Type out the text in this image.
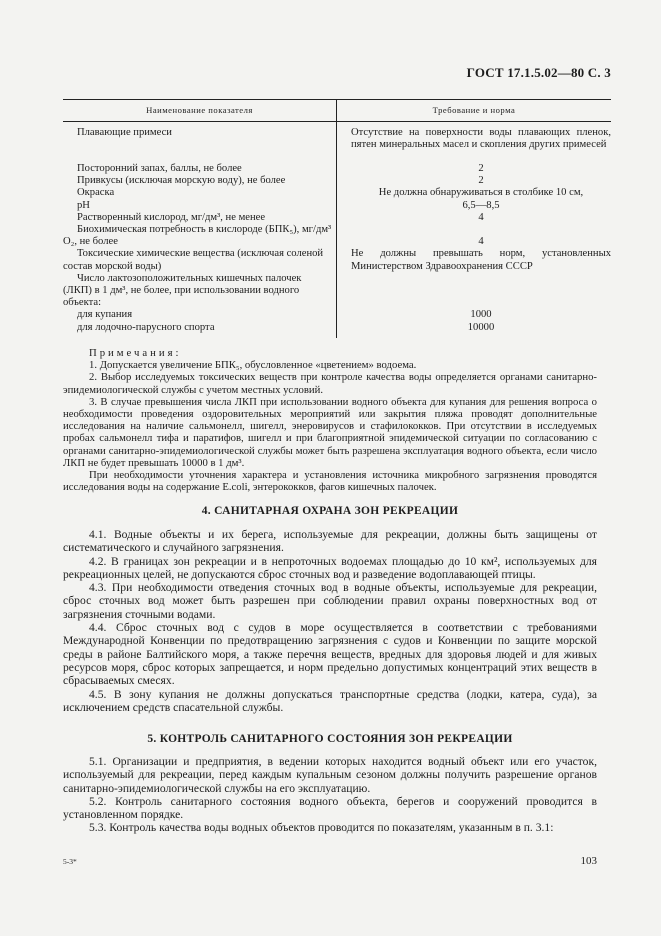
ГОСТ 17.1.5.02—80 С. 3
Наименование показателя	Требование и норма

Плавающие примеси	Отсутствие на поверхности воды плавающих пленок, пятен минеральных масел и скопления других примесей

Посторонний запах, баллы, не более	2

Привкусы (исключая морскую воду), не более	2

Окраска	Не должна обнаруживаться в столбике 10 см,

pH	6,5—8,5

Растворенный кислород, мг/дм³, не менее	4

Биохимическая потребность в кислороде (БПК₅), мг/дм³ O₂, не более	4

Токсические химические вещества (исключая соленой состав морской воды)	Не должны превышать норм, установленных Министерством Здравоохранения СССР

Число лактозоположительных кишечных палочек (ЛКП) в 1 дм³, не более, при использовании водного объекта:	

для купания	1000

для лодочно-парусного спорта	10000

Примечания:

1. Допускается увеличение БПК₅, обусловленное «цветением» водоема.

2. Выбор исследуемых токсических веществ при контроле качества воды определяется органами санитарно-эпидемиологической службы с учетом местных условий.

3. В случае превышения числа ЛКП при использовании водного объекта для купания для решения вопроса о необходимости проведения оздоровительных мероприятий или закрытия пляжа проводят дополнительные исследования на наличие сальмонелл, шигелл, энеровирусов и стафилококков. При отсутствии в исследуемых пробах сальмонелл тифа и паратифов, шигелл и при благоприятной эпидемической ситуации по согласованию с органами санитарно-эпидемиологической службы может быть разрешена эксплуатация водного объекта, если число ЛКП не будет превышать 10000 в 1 дм³.

При необходимости уточнения характера и установления источника микробного загрязнения проводятся исследования воды на содержание E.coli, энтерококков, фагов кишечных палочек.

4. САНИТАРНАЯ ОХРАНА ЗОН РЕКРЕАЦИИ

4.1. Водные объекты и их берега, используемые для рекреации, должны быть защищены от систематического и случайного загрязнения.

4.2. В границах зон рекреации и в непроточных водоемах площадью до 10 км², используемых для рекреационных целей, не допускаются сброс сточных вод и разведение водоплавающей птицы.

4.3. При необходимости отведения сточных вод в водные объекты, используемые для рекреации, сброс сточных вод может быть разрешен при соблюдении правил охраны поверхностных вод от загрязнения сточными водами.

4.4. Сброс сточных вод с судов в море осуществляется в соответствии с требованиями Международной Конвенции по предотвращению загрязнения с судов и Конвенции по защите морской среды в районе Балтийского моря, а также перечня веществ, вредных для здоровья людей и для живых ресурсов моря, сброс которых запрещается, и норм предельно допустимых концентраций этих веществ в сбрасываемых смесях.

4.5. В зону купания не должны допускаться транспортные средства (лодки, катера, суда), за исключением средств спасательной службы.

5. КОНТРОЛЬ САНИТАРНОГО СОСТОЯНИЯ ЗОН РЕКРЕАЦИИ

5.1. Организации и предприятия, в ведении которых находится водный объект или его участок, используемый для рекреации, перед каждым купальным сезоном должны получить разрешение органов санитарно-эпидемиологической службы на его эксплуатацию.

5.2. Контроль санитарного состояния водного объекта, берегов и сооружений проводится в установленном порядке.

5.3. Контроль качества воды водных объектов проводится по показателям, указанным в п. 3.1:

5-3*	103
